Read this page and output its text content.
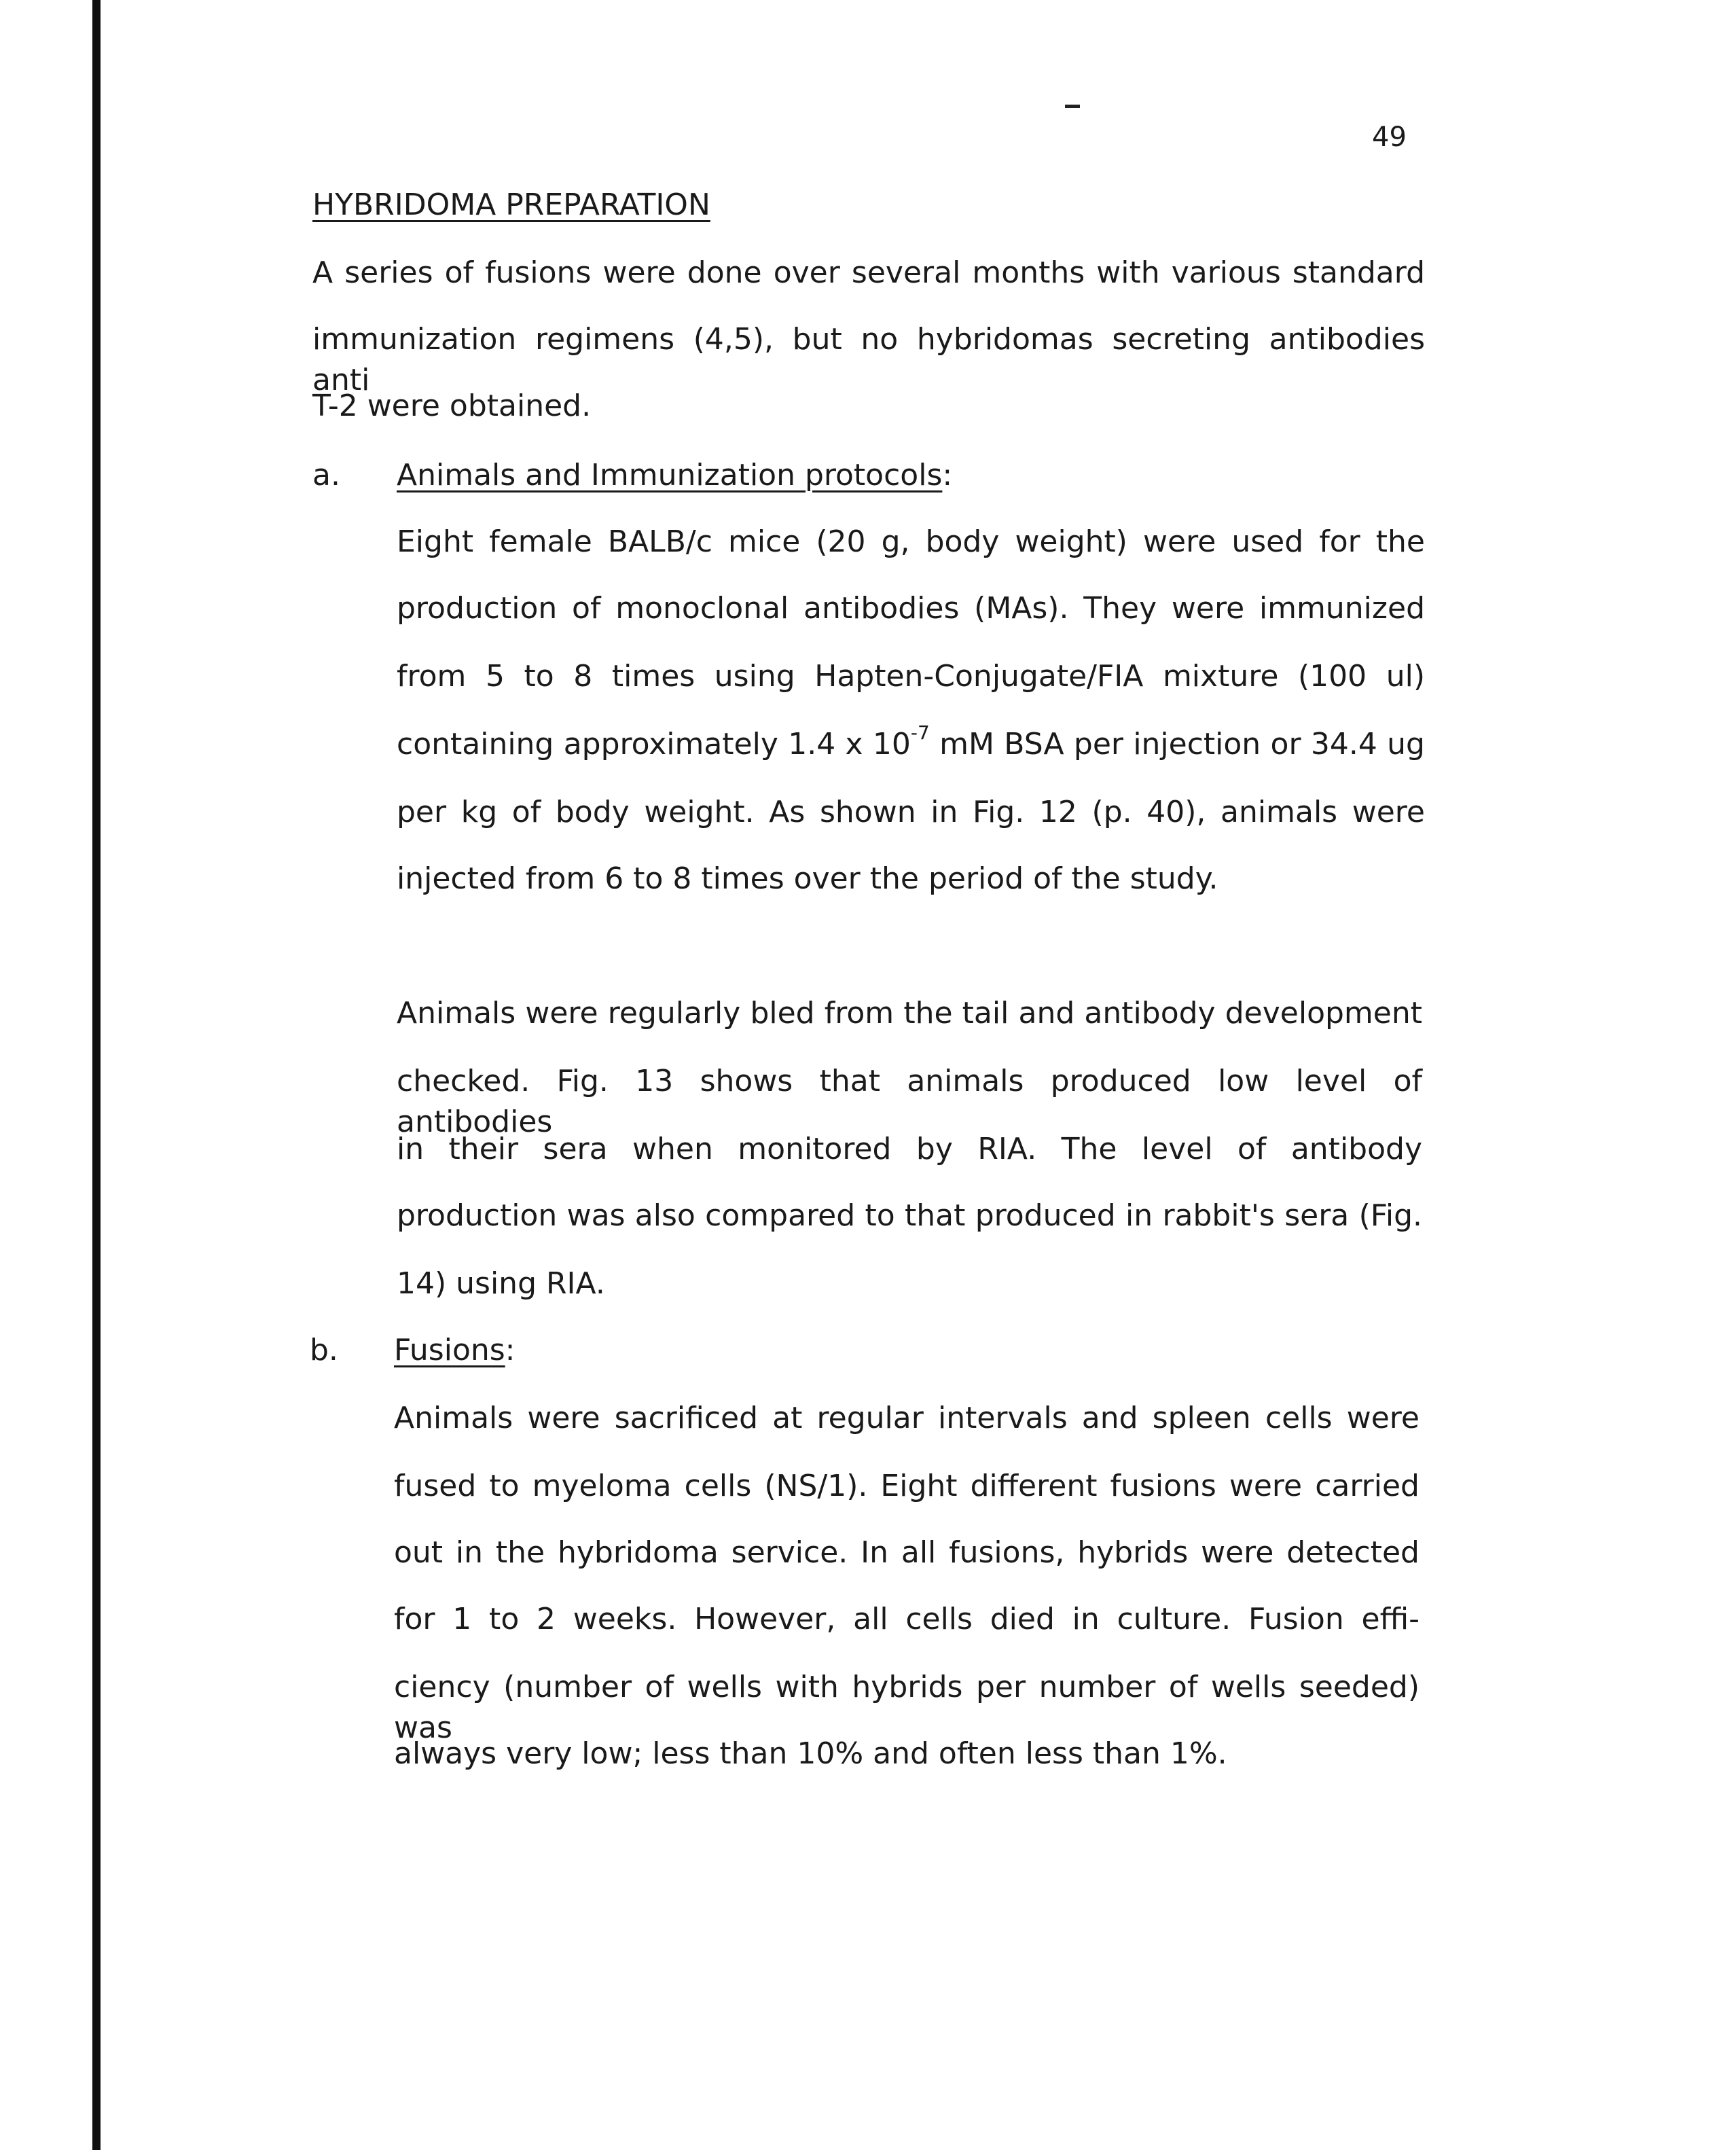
49
HYBRIDOMA PREPARATION
A series of fusions were done over several months with various standard
immunization regimens (4,5), but no hybridomas secreting antibodies anti
T-2 were obtained.
a. Animals and Immunization protocols:
Eight female BALB/c mice (20 g, body weight) were used for the
production of monoclonal antibodies (MAs). They were immunized
from 5 to 8 times using Hapten-Conjugate/FIA mixture (100 ul)
containing approximately 1.4 x $10^{-7}$ mM BSA per injection or 34.4 ug
per kg of body weight. As shown in Fig. 12 (p. 40), animals were
injected from 6 to 8 times over the period of the study.
Animals were regularly bled from the tail and antibody development
checked. Fig. 13 shows that animals produced low level of antibodies
in their sera when monitored by RIA. The level of antibody
production was also compared to that produced in rabbit's sera (Fig.
14) using RIA.
b. Fusions:
Animals were sacrificed at regular intervals and spleen cells were
fused to myeloma cells (NS/1). Eight different fusions were carried
out in the hybridoma service. In all fusions, hybrids were detected
for 1 to 2 weeks. However, all cells died in culture. Fusion effi-
ciency (number of wells with hybrids per number of wells seeded) was
always very low; less than 10% and often less than 1%.
